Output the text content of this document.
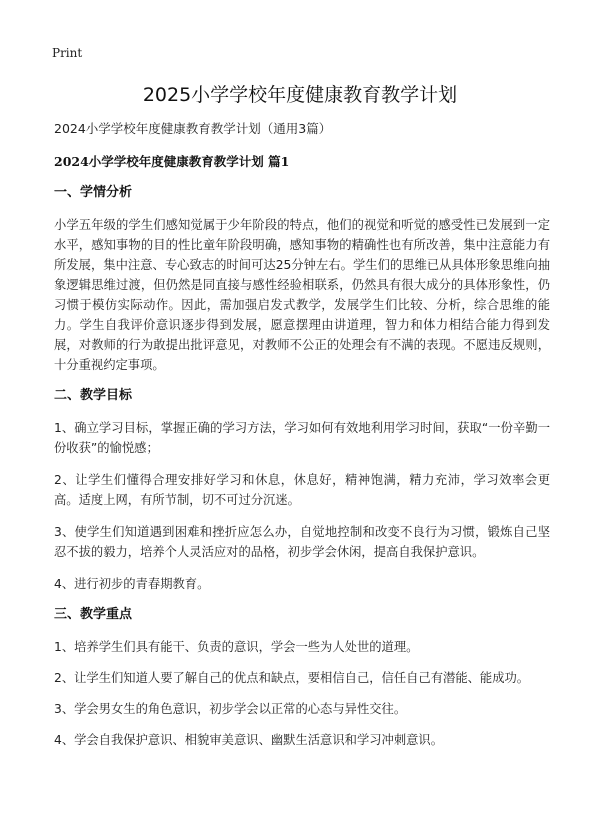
Print
2025小学学校年度健康教育教学计划

2024小学学校年度健康教育教学计划（通用3篇）

2024小学学校年度健康教育教学计划 篇1

一、学情分析

小学五年级的学生们感知觉属于少年阶段的特点，他们的视觉和听觉的感受性已发展到一定水平，感知事物的目的性比童年阶段明确，感知事物的精确性也有所改善，集中注意能力有所发展，集中注意、专心致志的时间可达25分钟左右。学生们的思维已从具体形象思维向抽象逻辑思维过渡，但仍然是同直接与感性经验相联系，仍然具有很大成分的具体形象性，仍习惯于模仿实际动作。因此，需加强启发式教学，发展学生们比较、分析，综合思维的能力。学生自我评价意识逐步得到发展，愿意摆理由讲道理，智力和体力相结合能力得到发展，对教师的行为敢提出批评意见，对教师不公正的处理会有不满的表现。不愿违反规则，十分重视约定事项。

二、教学目标

1、确立学习目标，掌握正确的学习方法，学习如何有效地利用学习时间，获取“一份辛勤一份收获”的愉悦感；

2、让学生们懂得合理安排好学习和休息，休息好，精神饱满，精力充沛，学习效率会更高。适度上网，有所节制，切不可过分沉迷。

3、使学生们知道遇到困难和挫折应怎么办，自觉地控制和改变不良行为习惯，锻炼自己坚忍不拔的毅力，培养个人灵活应对的品格，初步学会休闲，提高自我保护意识。

4、进行初步的青春期教育。

三、教学重点

1、培养学生们具有能干、负责的意识，学会一些为人处世的道理。

2、让学生们知道人要了解自己的优点和缺点，要相信自己，信任自己有潜能、能成功。

3、学会男女生的角色意识，初步学会以正常的心态与异性交往。

4、学会自我保护意识、相貌审美意识、幽默生活意识和学习冲刺意识。
